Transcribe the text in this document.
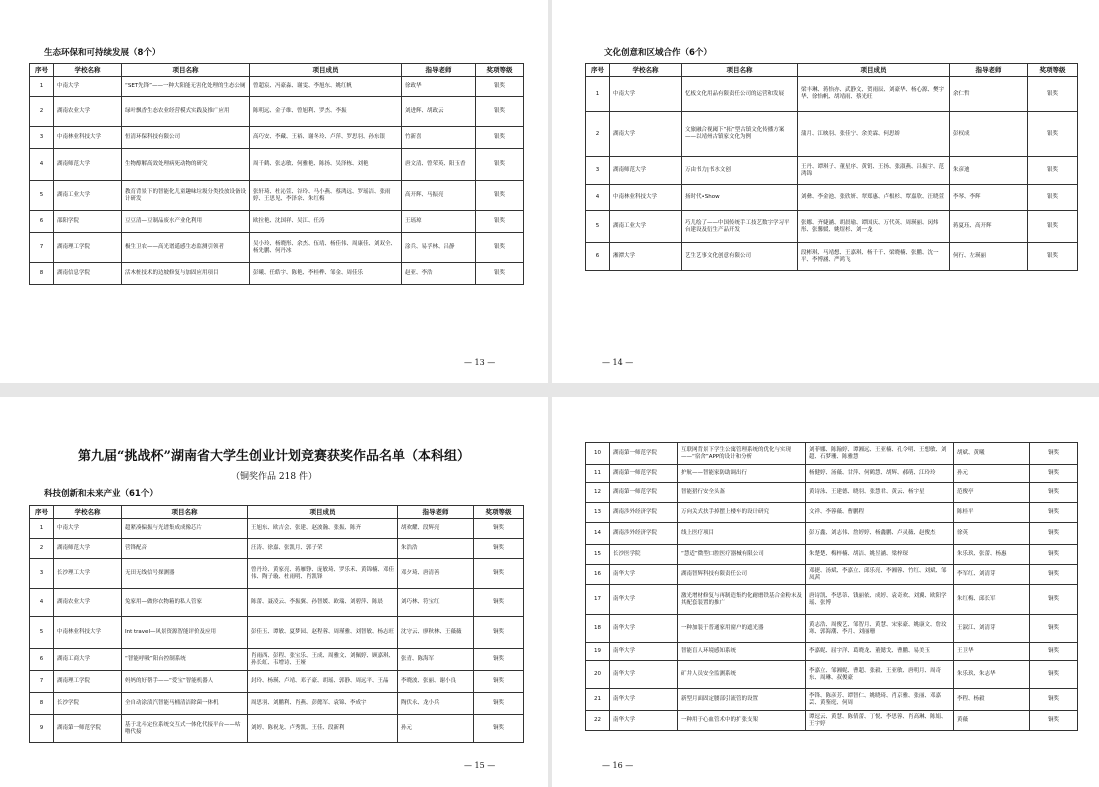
生态环保和可持续发展（8个）
序号	学校名称	项目名称	项目成员	指导老师	奖项等级
1	中南大学	“SET先锋”——一种大阳能无害化处理的生态公厕	曾超宸、冯豪淼、谢雯、李旭东、姚红帆	徐政华	银奖
2	湖南农业大学	绿叶飘香生态农业经营模式实践及推广应用	陈明远、金子维、曾旭利、罗杰、李振	刘进辉、胡政云	银奖
3	中南林业科技大学	恒清环保科技有限公司	高巧安、李藏、王裕、谢冬玲、卢萍、罗思羽、孙东银	竹新喜	银奖
4	湖南师范大学	生物醇解高效处理病死动物的研究	周千鹤、张志敏、何雅艳、陈扬、吴泽栋、刘艳	唐文清、曾荣英、阳玉香	银奖
5	湖南工业大学	教育背景下的智能化儿童趣味垃圾分类投放设备设计研发	张轩琦、杜沁萱、谷玲、马小燕、蔡鸿远、罗瑶洁、张雨婷、王思见、李泽奈、朱红梅	高开辉、马振亮	银奖
6	邵阳学院	豆豆清—豆制品废水产业化利用	欧拉艳、沈国祥、吴江、任涛	王瑶琼	银奖
7	湖南理工学院	极生卫农——高光谱遥感生态监测引领者	吴小玲、杨晓彤、余杰、伍靖、杨佳伟、周康佳、刘双全、杨先鹏、何丹冰	涂兵、易孚林、吕静	银奖
8	湖南信息学院	活木桩技术的边坡修复与加固应用项目	彭曦、任皓宇、陈艳、李桂桦、邹金、周佳乐	赵亚、李浩	银奖
— 13 —
文化创意和区域合作（6个）
序号	学校名称	项目名称	项目成员	指导老师	奖项等级
1	中南大学	忆板文化用品有限责任公司的运营和发展	梁丰琳、蒋怡亦、武静文、贺雨辰、刘豪华、杨心源、樊宇华、徐怡帆、胡靖雨、蔡光旺	余仁哲	银奖
2	湖南大学	文旅融合视阈下“拓”型古镇文化传播方案——以靖州古镇家文化为例	蒲月、江映羽、张佳宁、余美霖、何思娇	彭权成	银奖
3	湖南师范大学	万由书力|书水文创	王丹、谭琪子、董星序、黄钥、王扬、张淑燕、吕振宇、范鸿锦	朱彦迪	银奖
4	中南林业科技大学	扬时代•Show	刘彝、李金池、张欣妍、翠郑惠、卢根杉、覃嘉欣、汪晓萱	李琴、李辉	银奖
5	湖南工业大学	巧儿绘了——中国传统手工技艺数字学习平台建设及衍生产品开发	张娜、齐婕涵、胡晨瑜、谭国庆、万代英、周瑛丽、闵炜彤、张馨媛、姚煜杉、刘一龙	蒋夏珏、高开辉	银奖
6	湘潭大学	艺生艺事文化创意有限公司	段彬琪、马靖想、王嘉琪、杨千千、梁晓楠、张鹏、沈一平、李博涵、严鸿飞	何行、左瑛丽	银奖
— 14 —
第九届“挑战杯”湖南省大学生创业计划竞赛获奖作品名单（本科组）
（铜奖作品 218 件）
科技创新和未来产业（61个）
序号	学校名称	项目名称	项目成员	指导老师	奖项等级
1	中南大学	超紧凑偏振与光谱集成成像芯片	王旭东、欧吉会、张建、赵波瀚、张振、陈齐	胡欢耀、段辉亮	铜奖
2	湖南师范大学	营锋配音	汪涛、徐嘉、张凯月、郭子荣	朱浩浩	铜奖
3	长沙理工大学	无田无线信号探测器	曾丹玲、黄家亮、蒋雁铮、庞敏琦、罗乐禾、黄锦楠、邓佳伟、陶子璇、杜雨明、肖凯锋	邓夕琦、唐清善	铜奖
4	湖南农业大学	兔家用—做你衣物箱的私人管家	陈蕾、聂凌云、李振翼、孙智媛、欧瑞、刘碧萍、陈晨	刘巧林、符宝红	铜奖
5	中南林业科技大学	Int travel—风景资源智能评价及应用	彭佳玉、谭敏、夏梦园、赵程蓉、周瑾雅、刘智敏、杨志旺	沈守云、廖秋林、王薇薇	铜奖
6	湖南工商大学	“智能呼吸”阳台控制系统	肖雨西、彭程、张宝乐、王成、周雅文、刘佩婷、顾嘉琪、孙长虹、韦增诗、王娅	张青、陈海军	铜奖
7	湖南理工学院	妈妈的好帮手——“爱宝”智能机器人	封玲、杨瑛、卢靖、邓子豪、胡瑶、郭静、周远平、王晶	李晓波、张丽、谢小良	铜奖
8	长沙学院	全自动涂渍汽智能马桶清洁除菌一体机	周思羽、刘鹏利、肖燕、彭懿军、袁锦、李成宇	陶伏永、龙小兵	铜奖
9	湖南第一师范学院	基于北斗定位系统交互式一体化代接平台——咕噜代接	刘婷、陈祝龙、卢秀凯、王佳、段新利	孙元	铜奖
— 15 —
10	湖南第一师范学院	互联网背景下学生公寓管理系统的优化与实现——“宿舍”APP的设计和分析	刘菲娜、陈翰婷、谭湘远、王亚楠、孔令明、王想敏、刘超、石梦珊、陈雅慧	胡斌、黄曦	铜奖
11	湖南第一师范学院	护航——智能家防助调出行	杨健婷、汤薇、甘萍、何鹤慧、胡辉、郝萌、江玲玲	孙元	铜奖
12	湖南第一师范学院	智能猎行安全头盔	黄诗泳、王建德、晓羽、张慧君、黄云、杨宇星	范俊亭	铜奖
13	湖南涉外经济学院	万向关式扶手掉摆上楼车的设计研究	文祥、李蓉薇、曹鹏程	陈桂平	铜奖
14	湖南涉外经济学院	线上医疗项目	彭万鑫、刘志伟、詹婷婷、杨鑫鹏、卢灵薇、赵俊杰	徐英	铜奖
15	长沙医学院	“慧适”微型口腔医疗器械有限公司	朱楚楚、梅梓楠、胡洁、姚昱涵、梁梓琛	朱乐玖、张蕾、杨惠	铜奖
16	南华大学	湖南智辉科技有限责任公司	邓捷、汤斌、李嘉立、邱乐亮、李湘蓉、竹红、刘斌、邹凤茜	李军红、刘清芽	铜奖
17	南华大学	激光增材修复与再制造集约化耐磨铁基合金粉末及其配套装置的推广	唐诗凯、李思蒂、钱丽依、成婷、袁奇欢、刘翼、欧阳学瑶、张博	朱红梅、邱长军	铜奖
18	南华大学	一种加装于普通家用窗户的遮光器	黄志浩、周俊艺、邹智月、黄慧、宋家豪、姚康文、詹玟寒、郭海潮、李月、刘丽珊	王淑江、刘清芽	铜奖
19	南华大学	智能盲人环境感知系统	李嘉妮、屈宇洋、葛晓龙、董懿戈、曹鹏、易美玉	王卫华	铜奖
20	南华大学	矿井人员安全监测系统	李嘉立、邹湘妮、曹超、张毅、王亚敏、唐明月、周奇东、周琳、叔俊豪	朱乐玖、朱志华	铜奖
21	南华大学	新型月面固定腰部引流管的设置	李锋、陈彦芳、谭智仁、姚晓琦、肖京雅、张丽、邓嘉芸、黄鉴庭、何周	李程、杨毅	铜奖
22	南华大学	一种用于心血管术中的扩张支架	谭逗云、黄慧、陈倩蕾、丁悦、李思蓉、肖高琳、陈娟、王宇婷	黄薇	铜奖
— 16 —
